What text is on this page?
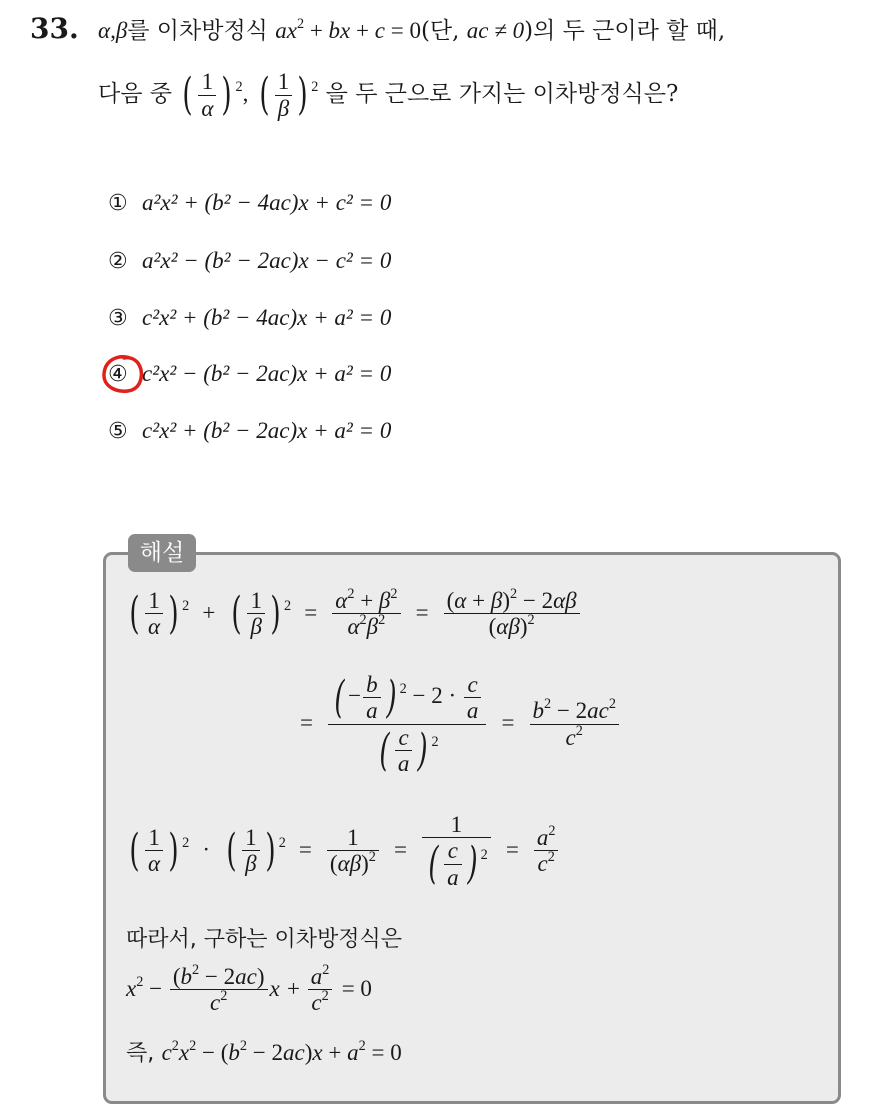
33. α,β를 이차방정식 $ax^2$ + bx + c = 0(단, ac ≠ 0)의 두 근이라 할 때,
다음 중 ( $\frac{1}{\alpha}$ ) $^2$, ( $\frac{1}{\beta}$ ) $^2$ 을 두 근으로 가지는 이차방정식은?
① a²x² + (b² − 4ac)x + c² = 0
② a²x² − (b² − 2ac)x − c² = 0
③ c²x² + (b² − 4ac)x + a² = 0
④ c²x² − (b² − 2ac)x + a² = 0
⑤ c²x² + (b² − 2ac)x + a² = 0
해설
( $\frac{1}{\alpha}$ ) $^2$  +  ( $\frac{1}{\beta}$ ) $^2 = \frac{\alpha^2 + \beta^2}{\alpha^2\beta^2} = \frac{(\alpha + \beta)^2 - 2\alpha\beta}{(\alpha\beta)^2}$
= $\frac{( - \frac{b}{a} ) ^2 - 2 \cdot \frac{c}{a}}{( \frac{c}{a} ) ^2} = \frac{b^2 - 2ac^2}{c^2}$
( $\frac{1}{\alpha}$ ) $^2$  ·  ( $\frac{1}{\beta}$ ) $^2 = \frac{1}{(\alpha\beta)^2} = \frac{1}{( \frac{c}{a} ) ^2} = \frac{a^2}{c^2}$
따라서, 구하는 이차방정식은
$x^2 - \frac{(b^2 - 2ac)}{c^2}$ $x + \frac{a^2}{c^2} = 0$
즉, $c^2x^2 - (b^2 - 2ac)x + a^2 = 0$
